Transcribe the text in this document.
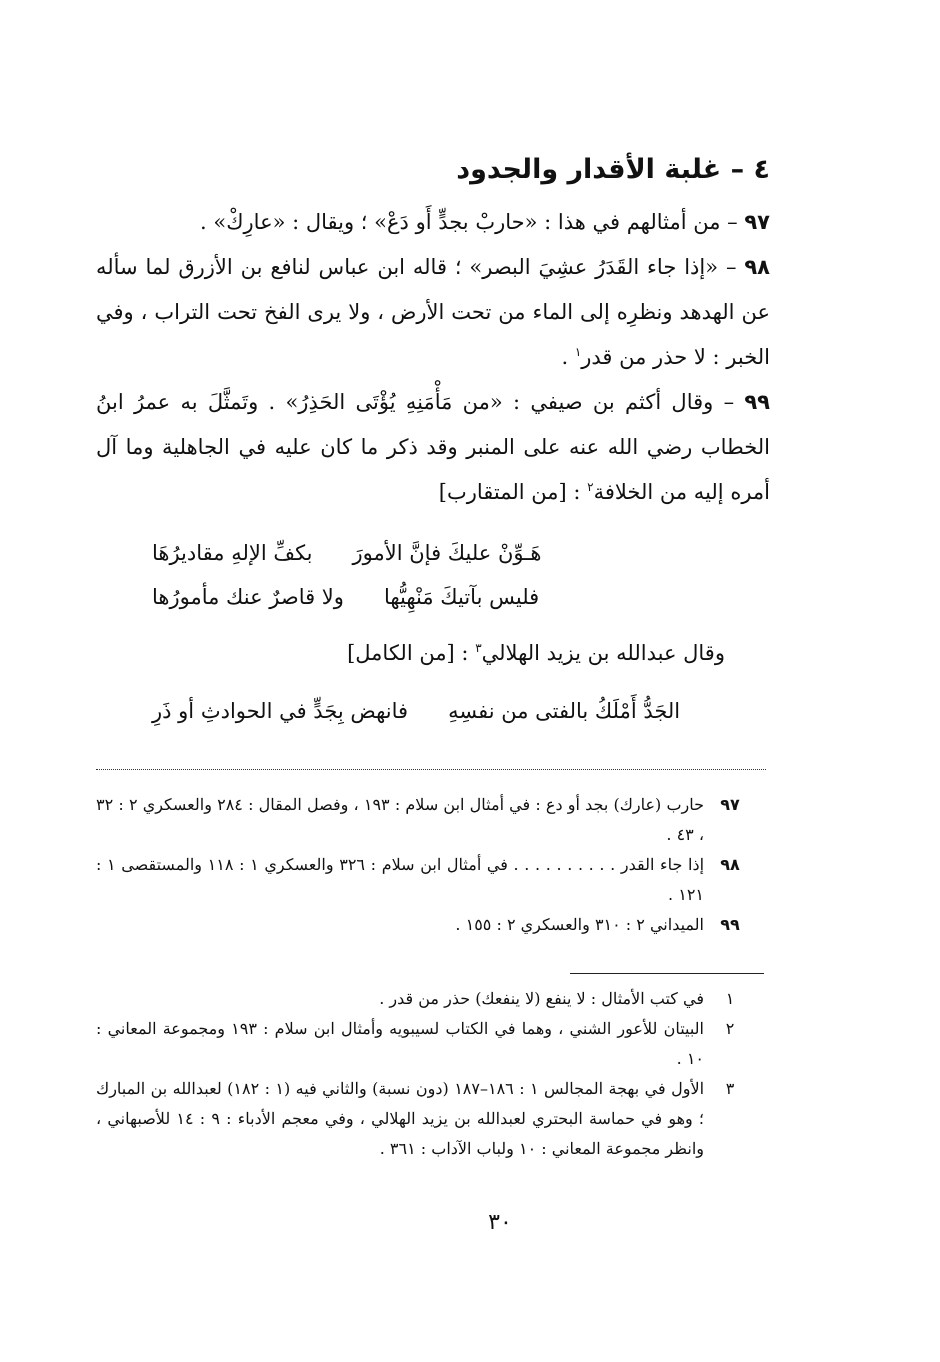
٤ – غلبة الأقدار والجدود

٩٧ – من أمثالهم في هذا : «حاربْ بجدٍّ أَو دَعْ» ؛ ويقال : «عارِكْ» .

٩٨ – «إذا جاء القَدَرُ عشِيَ البصر» ؛ قاله ابن عباس لنافع بن الأزرق لما سأله عن الهدهد ونظرِه إلى الماء من تحت الأرض ، ولا يرى الفخ تحت التراب ، وفي الخبر : لا حذر من قدر$^١$ .

٩٩ – وقال أكثم بن صيفي : «من مَأْمَنِهِ يُؤْتَى الحَذِرُ» . وتَمثَّلَ به عمرُ ابنُ الخطاب رضي الله عنه على المنبر وقد ذكر ما كان عليه في الجاهلية وما آل أمره إليه من الخلافة$^٢$ : [من المتقارب]

هَـوِّنْ عليكَ فإنَّ الأمورَ
بكفِّ الإلهِ مقاديرُهَا

فليس بآتيكَ مَنْهِيُّها
ولا قاصرٌ عنك مأمورُها

وقال عبدالله بن يزيد الهلالي$^٣$ : [من الكامل]

الجَدُّ أَمْلَكُ بالفتى من نفسِهِ
فانهض بِجَدٍّ في الحوادثِ أو ذَرِ

٩٧
حارب (عارك) بجد أو دع : في أمثال ابن سلام : ١٩٣ ، وفصل المقال : ٢٨٤ والعسكري ٢ : ٣٢ ، ٤٣ .
٩٨
إذا جاء القدر . . . . . . . . . . في أمثال ابن سلام : ٣٢٦ والعسكري ١ : ١١٨ والمستقصى ١ : ١٢١ .
٩٩
الميداني ٢ : ٣١٠ والعسكري ٢ : ١٥٥ .
١
في كتب الأمثال : لا ينفع (لا ينفعك) حذر من قدر .
٢
البيتان للأعور الشني ، وهما في الكتاب لسيبويه وأمثال ابن سلام : ١٩٣ ومجموعة المعاني : ١٠ .
٣
الأول في بهجة المجالس ١ : ١٨٦–١٨٧ (دون نسبة) والثاني فيه (١ : ١٨٢) لعبدالله بن المبارك ؛ وهو في حماسة البحتري لعبدالله بن يزيد الهلالي ، وفي معجم الأدباء : ٩ : ١٤ للأصبهاني ، وانظر مجموعة المعاني : ١٠ ولباب الآداب : ٣٦١ .
٣٠
